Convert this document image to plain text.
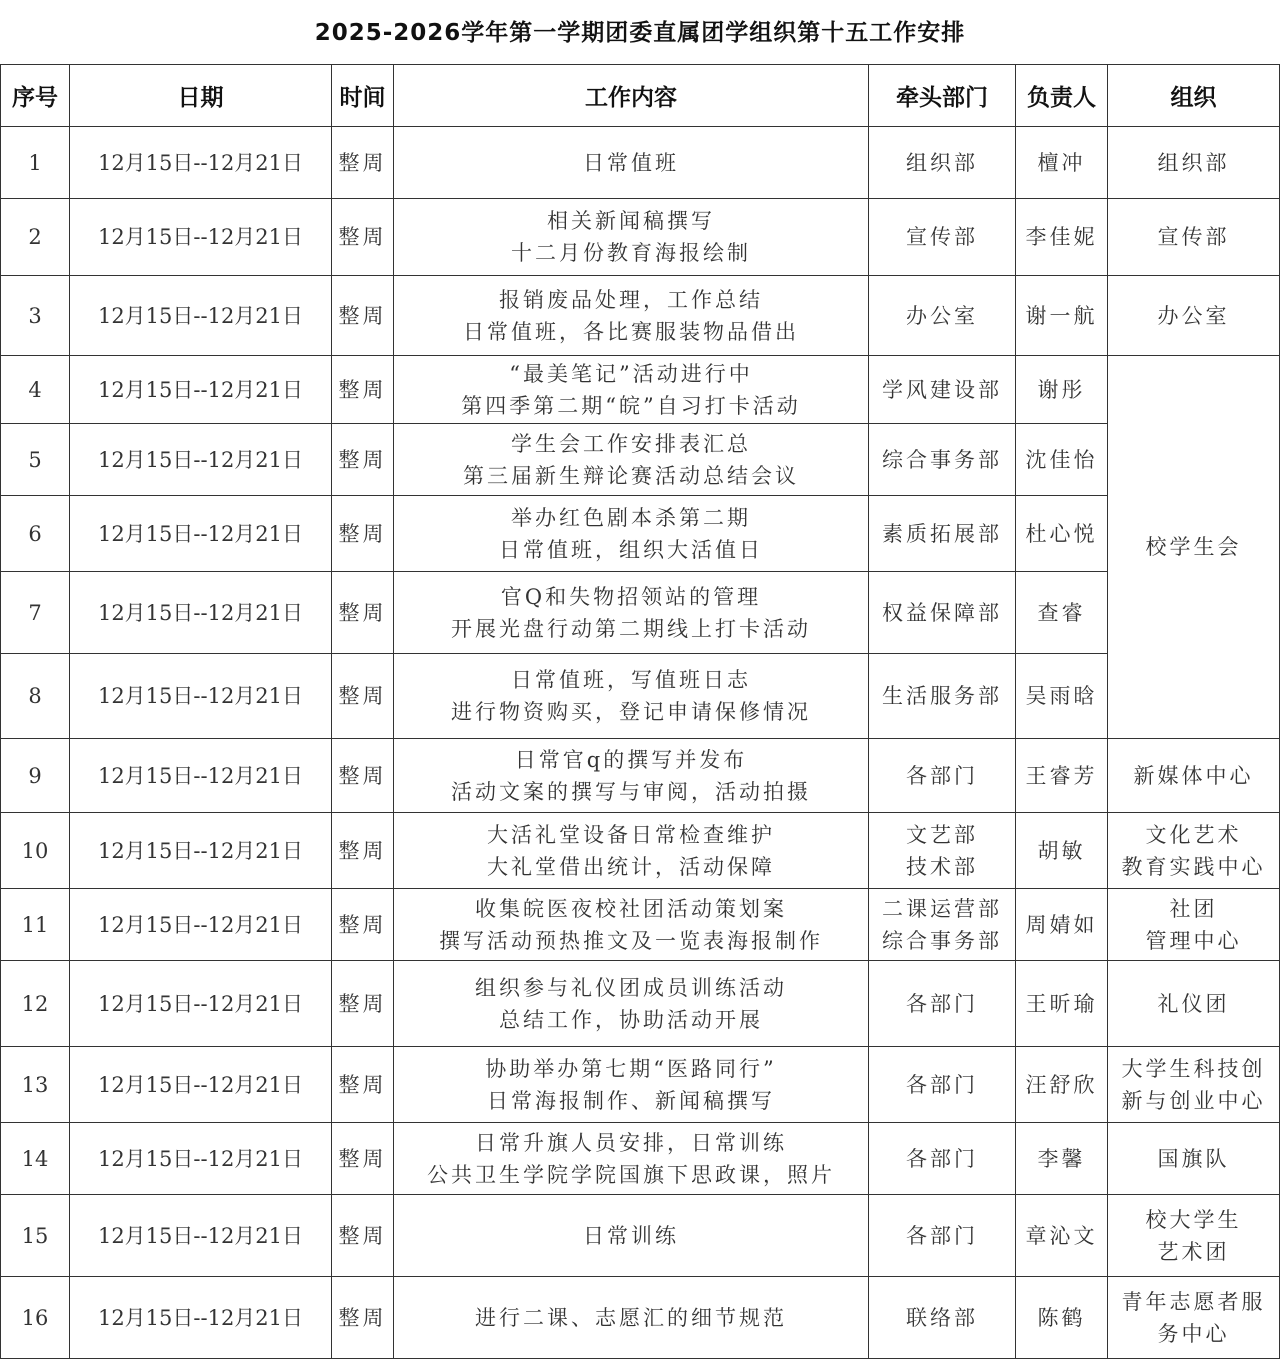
2025-2026学年第一学期团委直属团学组织第十五工作安排
序号	日期	时间	工作内容	牵头部门	负责人	组织
1	12月15日--12月21日	整周	日常值班	组织部	檀冲	组织部

2	12月15日--12月21日	整周	相关新闻稿撰写
十二月份教育海报绘制	宣传部	李佳妮	宣传部

3	12月15日--12月21日	整周	报销废品处理，工作总结
日常值班，各比赛服装物品借出	办公室	谢一航	办公室

4	12月15日--12月21日	整周	“最美笔记”活动进行中
第四季第二期“皖”自习打卡活动	学风建设部	谢彤	校学生会

5	12月15日--12月21日	整周	学生会工作安排表汇总
第三届新生辩论赛活动总结会议	综合事务部	沈佳怡	
6	12月15日--12月21日	整周	举办红色剧本杀第二期
日常值班，组织大活值日	素质拓展部	杜心悦	
7	12月15日--12月21日	整周	官Q和失物招领站的管理
开展光盘行动第二期线上打卡活动	权益保障部	查睿	
8	12月15日--12月21日	整周	日常值班，写值班日志
进行物资购买，登记申请保修情况	生活服务部	吴雨晗	
9	12月15日--12月21日	整周	日常官q的撰写并发布
活动文案的撰写与审阅，活动拍摄	各部门	王睿芳	新媒体中心

10	12月15日--12月21日	整周	大活礼堂设备日常检查维护
大礼堂借出统计，活动保障	文艺部
技术部	胡敏	文化艺术
教育实践中心

11	12月15日--12月21日	整周	收集皖医夜校社团活动策划案
撰写活动预热推文及一览表海报制作	二课运营部
综合事务部	周婧如	社团
管理中心

12	12月15日--12月21日	整周	组织参与礼仪团成员训练活动
总结工作，协助活动开展	各部门	王昕瑜	礼仪团

13	12月15日--12月21日	整周	协助举办第七期“医路同行”
日常海报制作、新闻稿撰写	各部门	汪舒欣	大学生科技创
新与创业中心

14	12月15日--12月21日	整周	日常升旗人员安排，日常训练
公共卫生学院学院国旗下思政课，照片	各部门	李馨	国旗队

15	12月15日--12月21日	整周	日常训练	各部门	章沁文	校大学生
艺术团

16	12月15日--12月21日	整周	进行二课、志愿汇的细节规范	联络部	陈鹤	青年志愿者服
务中心
